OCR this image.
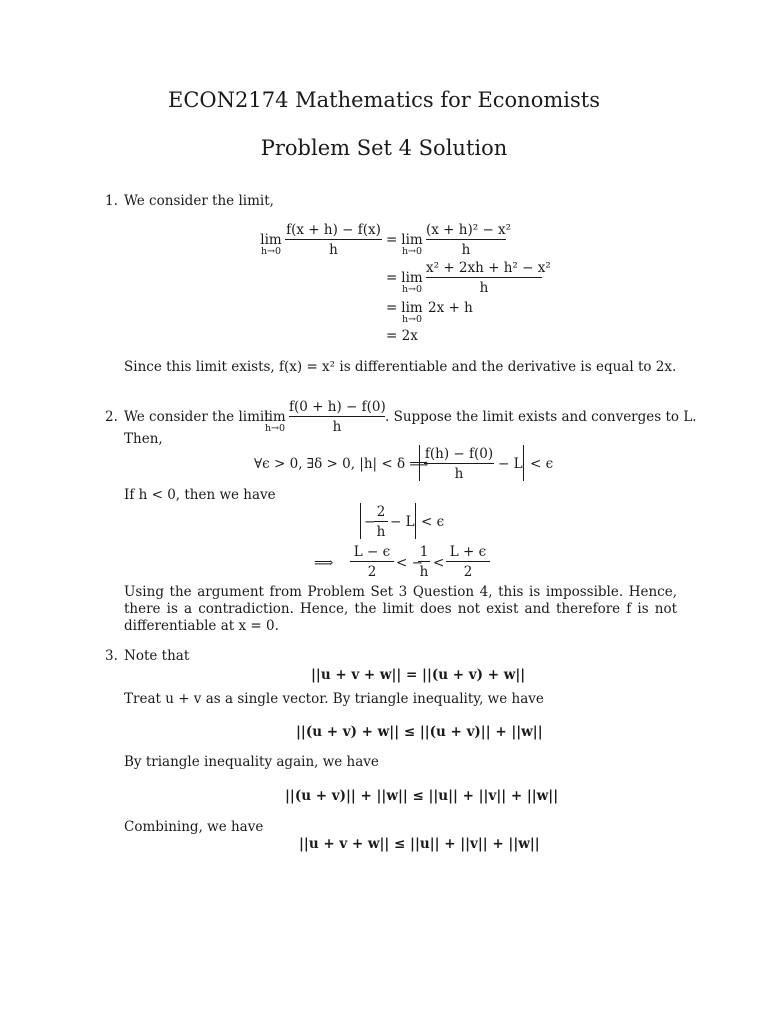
ECON2174 Mathematics for Economists
Problem Set 4 Solution
1. We consider the limit,
lim
h→0
f(x + h) − f(x)
h
= lim
h→0
(x + h)² − x²
h
= lim
h→0
x² + 2xh + h² − x²
h
= lim
h→0
2x + h
= 2x
Since this limit exists, f(x) = x² is differentiable and the derivative is equal to 2x.
2. We consider the limit
lim
h→0
f(0 + h) − f(0)
h
. Suppose the limit exists and converges to L.
Then,
∀ϵ > 0, ∃δ > 0, |h| < δ ⟹
f(h) − f(0)
h
− L < ϵ
If h < 0, then we have
−
2
h
− L < ϵ
⟹
L − ϵ
2
< −
1
h
<
L + ϵ
2
Using the argument from Problem Set 3 Question 4, this is impossible. Hence, there is a contradiction. Hence, the limit does not exist and therefore f is not differentiable at x = 0.
3. Note that
||u + v + w|| = ||(u + v) + w||
Treat u + v as a single vector. By triangle inequality, we have
||(u + v) + w|| ≤ ||(u + v)|| + ||w||
By triangle inequality again, we have
||(u + v)|| + ||w|| ≤ ||u|| + ||v|| + ||w||
Combining, we have
||u + v + w|| ≤ ||u|| + ||v|| + ||w||
